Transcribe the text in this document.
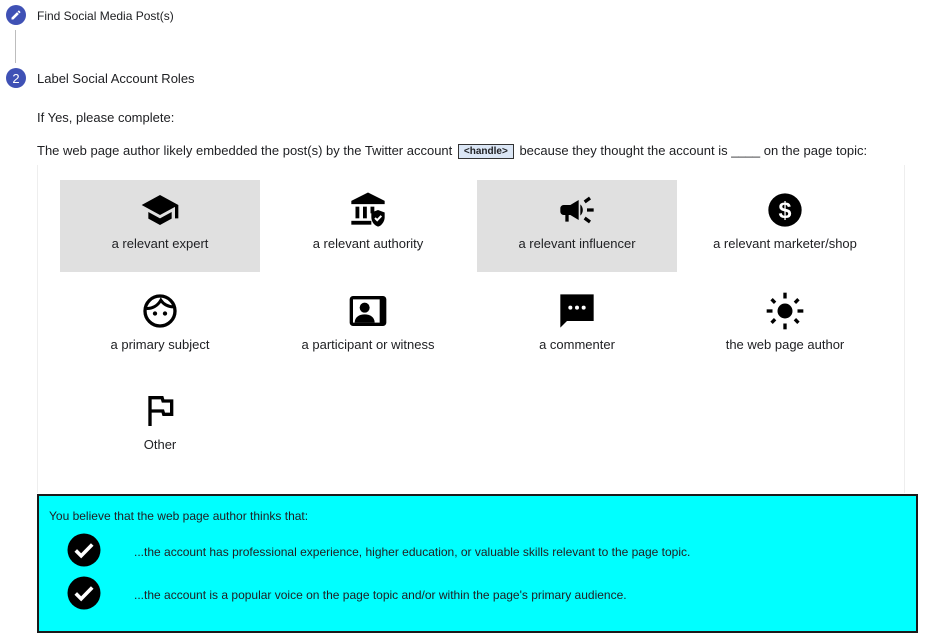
Find Social Media Post(s)
2	Label Social Account Roles
If Yes, please complete:
The web page author likely embedded the post(s) by the Twitter account <handle> because they thought the account is ____ on the page topic:
a relevant expert	a relevant authority	a relevant influencer
$
a relevant marketer/shop
a primary subject	a participant or witness	a commenter	the web page author
Other
You believe that the web page author thinks that:
...the account has professional experience, higher education, or valuable skills relevant to the page topic.
...the account is a popular voice on the page topic and/or within the page's primary audience.
